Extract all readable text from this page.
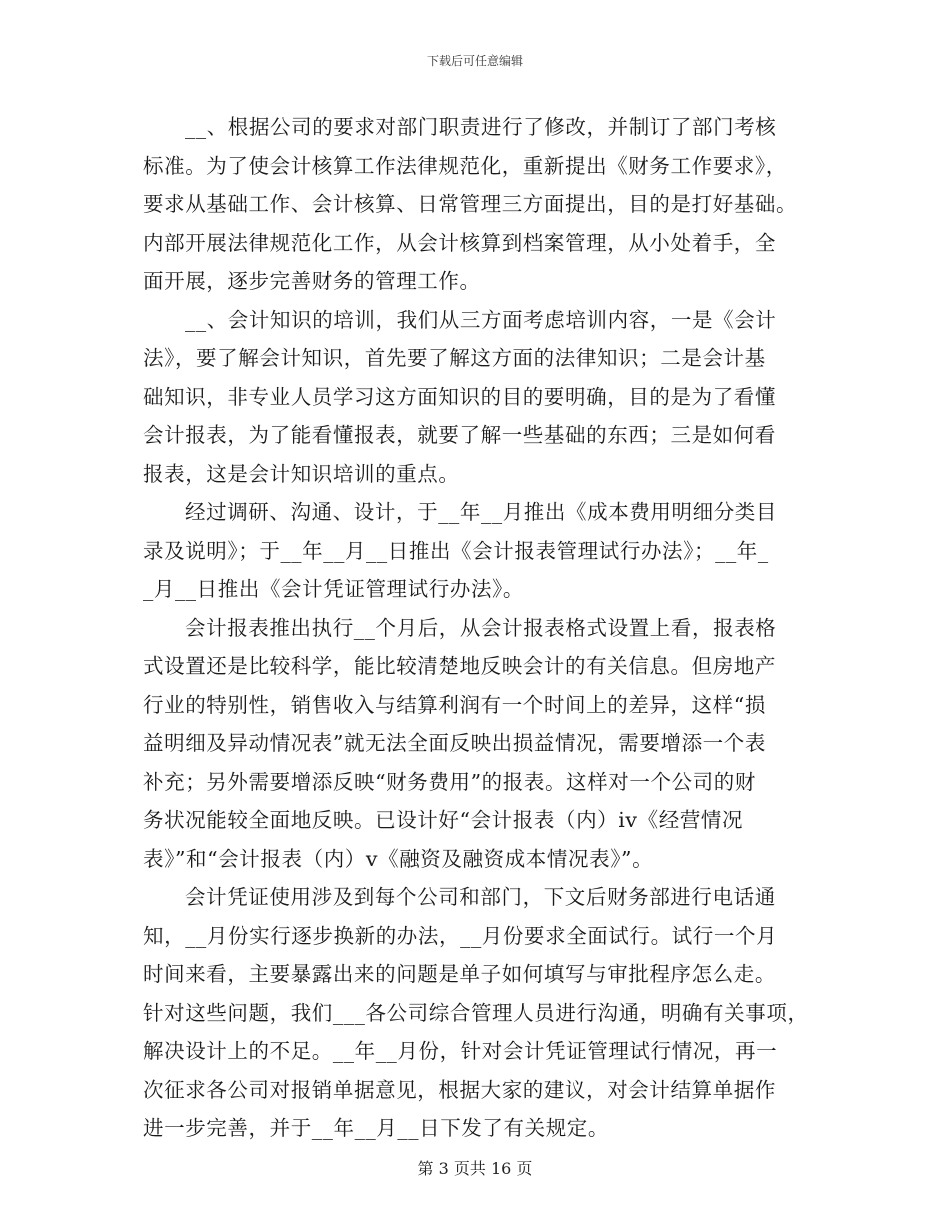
下载后可任意编辑
__、根据公司的要求对部门职责进行了修改，并制订了部门考核
标准。为了使会计核算工作法律规范化，重新提出《财务工作要求》，
要求从基础工作、会计核算、日常管理三方面提出，目的是打好基础。
内部开展法律规范化工作，从会计核算到档案管理，从小处着手，全
面开展，逐步完善财务的管理工作。
__、会计知识的培训，我们从三方面考虑培训内容，一是《会计
法》，要了解会计知识，首先要了解这方面的法律知识；二是会计基
础知识，非专业人员学习这方面知识的目的要明确，目的是为了看懂
会计报表，为了能看懂报表，就要了解一些基础的东西；三是如何看
报表，这是会计知识培训的重点。
经过调研、沟通、设计，于__年__月推出《成本费用明细分类目
录及说明》；于__年__月__日推出《会计报表管理试行办法》；__年_
_月__日推出《会计凭证管理试行办法》。
会计报表推出执行__个月后，从会计报表格式设置上看，报表格
式设置还是比较科学，能比较清楚地反映会计的有关信息。但房地产
行业的特别性，销售收入与结算利润有一个时间上的差异，这样“损
益明细及异动情况表”就无法全面反映出损益情况，需要增添一个表
补充；另外需要增添反映“财务费用”的报表。这样对一个公司的财
务状况能较全面地反映。已设计好“会计报表（内）iv《经营情况
表》”和“会计报表（内）v《融资及融资成本情况表》”。
会计凭证使用涉及到每个公司和部门，下文后财务部进行电话通
知，__月份实行逐步换新的办法，__月份要求全面试行。试行一个月
时间来看，主要暴露出来的问题是单子如何填写与审批程序怎么走。
针对这些问题，我们___各公司综合管理人员进行沟通，明确有关事项，
解决设计上的不足。__年__月份，针对会计凭证管理试行情况，再一
次征求各公司对报销单据意见，根据大家的建议，对会计结算单据作
进一步完善，并于__年__月__日下发了有关规定。
第 3 页共 16 页
